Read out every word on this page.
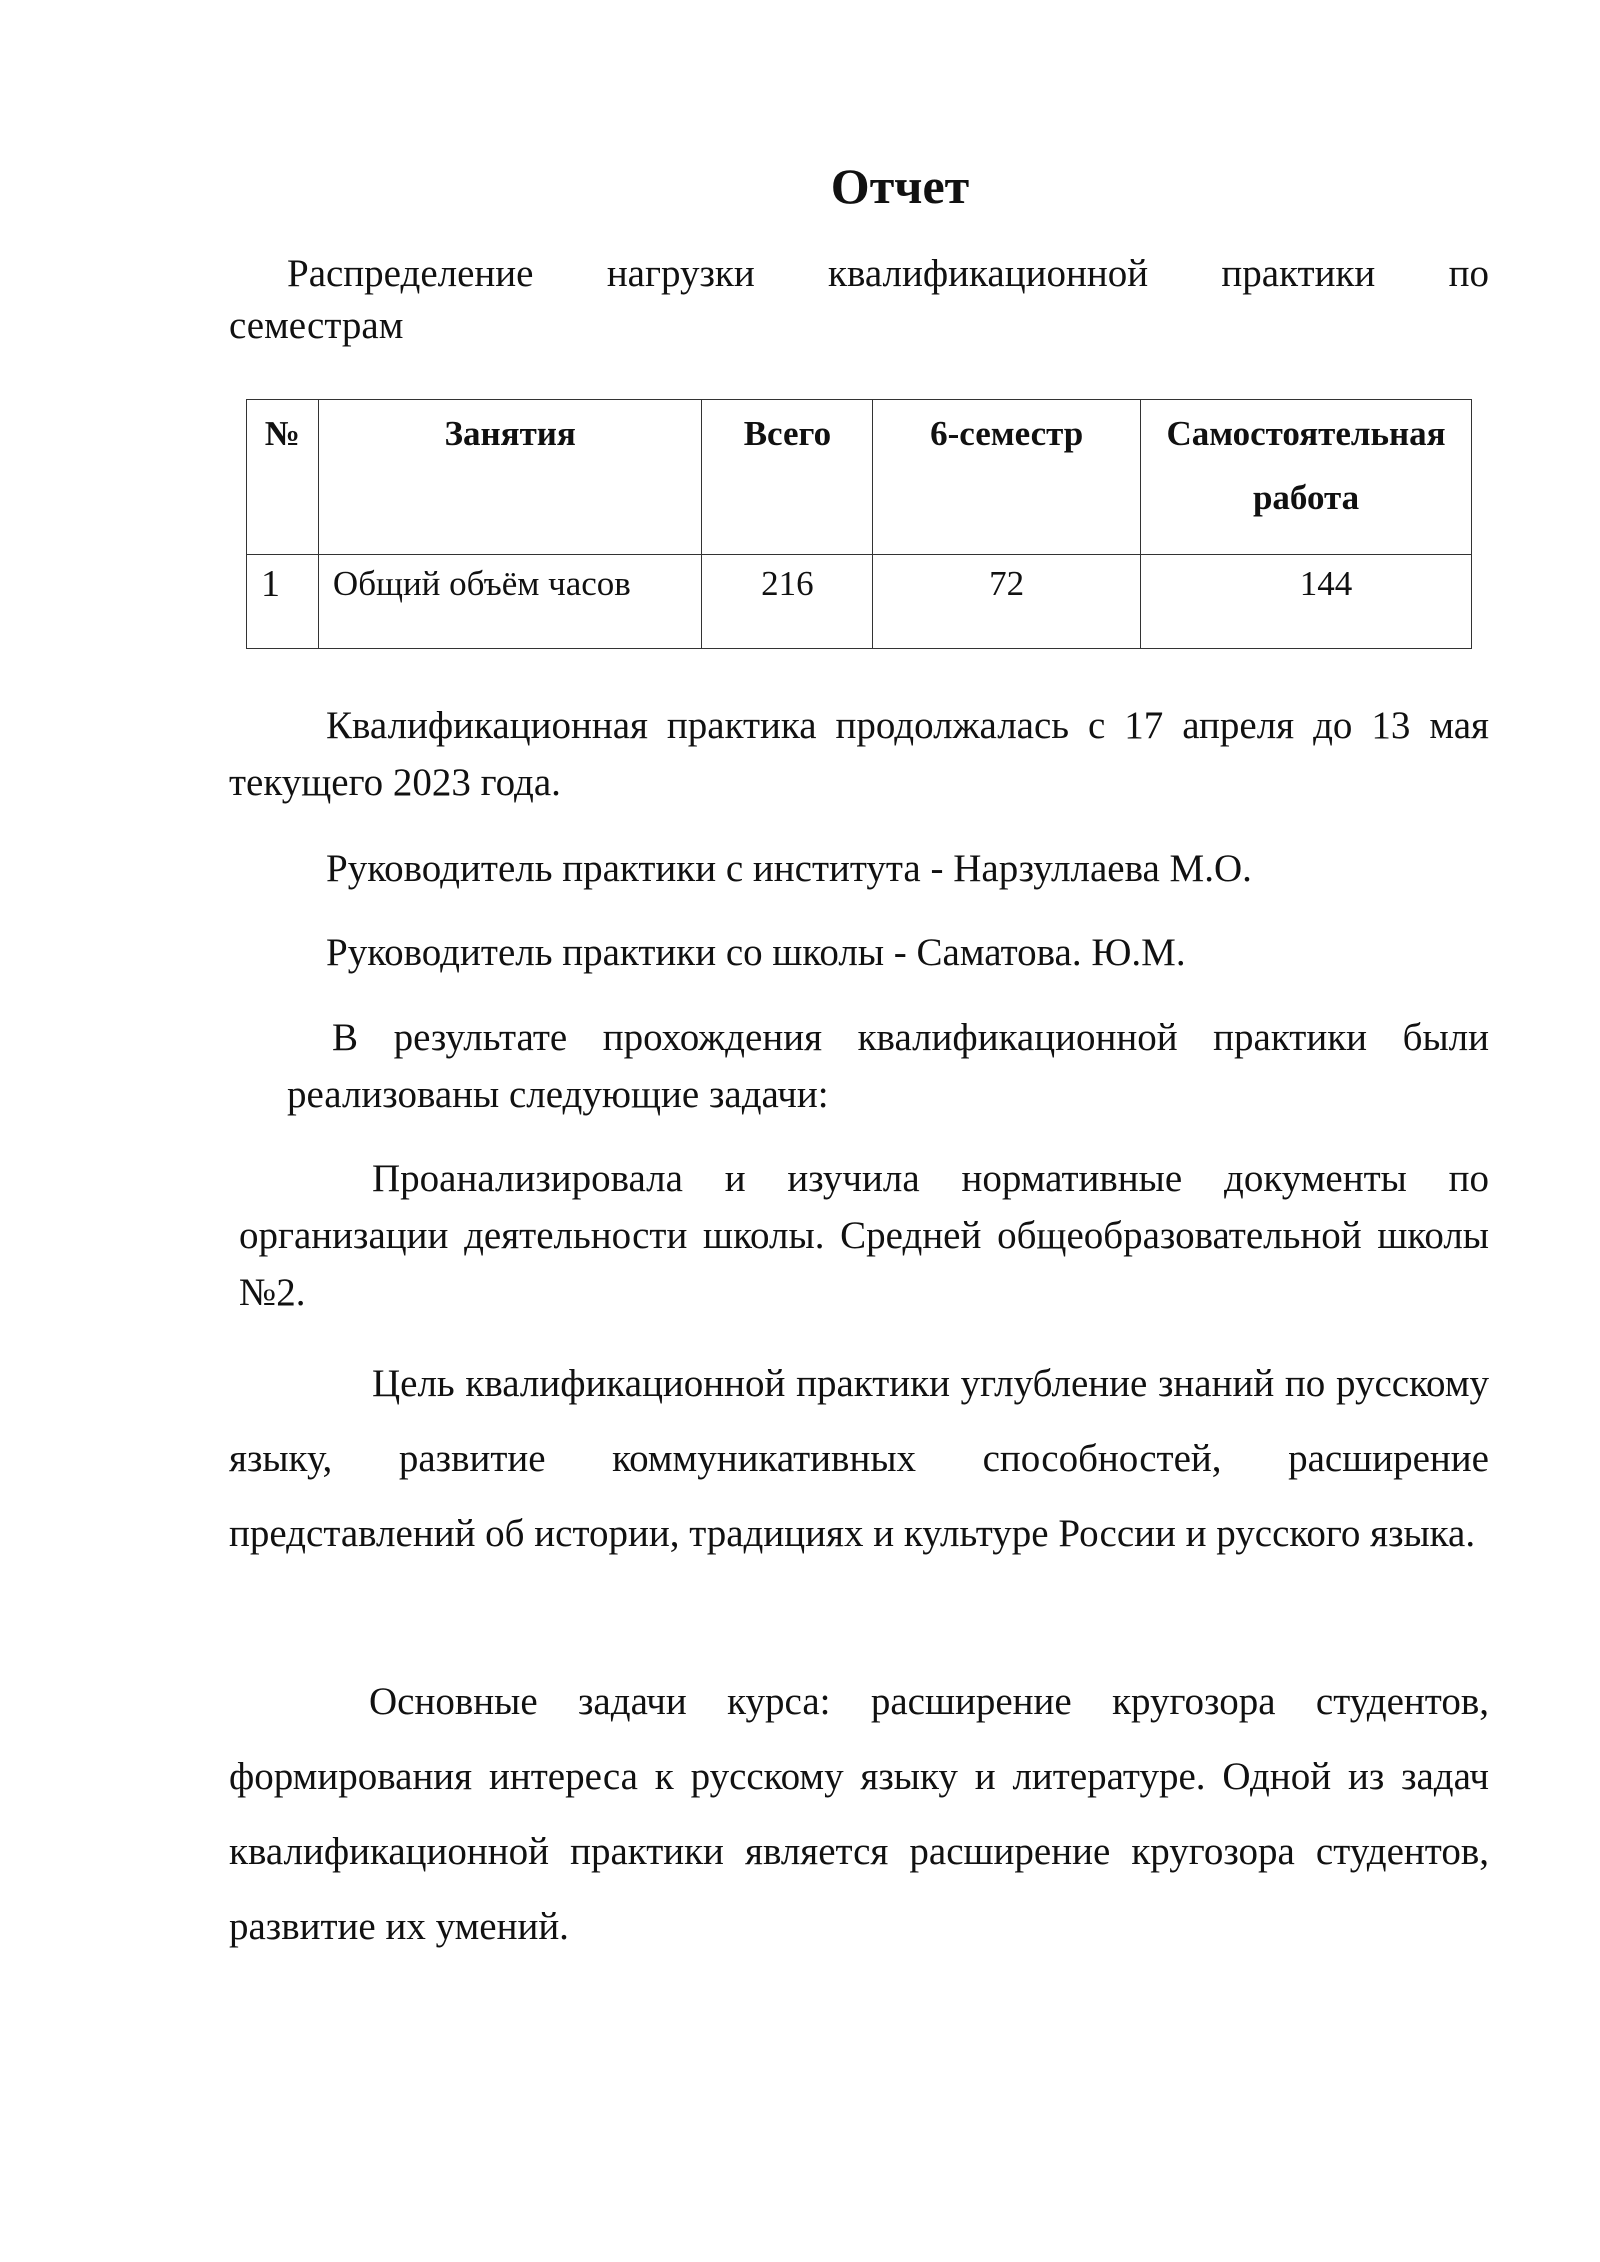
Отчет
Распределение нагрузки квалификационной практики по
семестрам
№	Занятия	Всего	6-семестр	Самостоятельная работа
1	Общий объём часов	216	72	144
Квалификационная практика продолжалась с 17 апреля до 13 мая текущего 2023 года.
Руководитель практики с института - Нарзуллаева М.О.
Руководитель практики со школы - Саматова. Ю.М.
В результате прохождения квалификационной практики были реализованы следующие задачи:
Проанализировала и изучила нормативные документы по организации деятельности школы. Средней общеобразовательной школы №2.
Цель квалификационной практики углубление знаний по русскому языку, развитие коммуникативных способностей, расширение представлений об истории, традициях и культуре России и русского языка.
Основные задачи курса: расширение кругозора студентов, формирования интереса к русскому языку и литературе. Одной из задач квалификационной практики является расширение кругозора студентов, развитие их умений.
